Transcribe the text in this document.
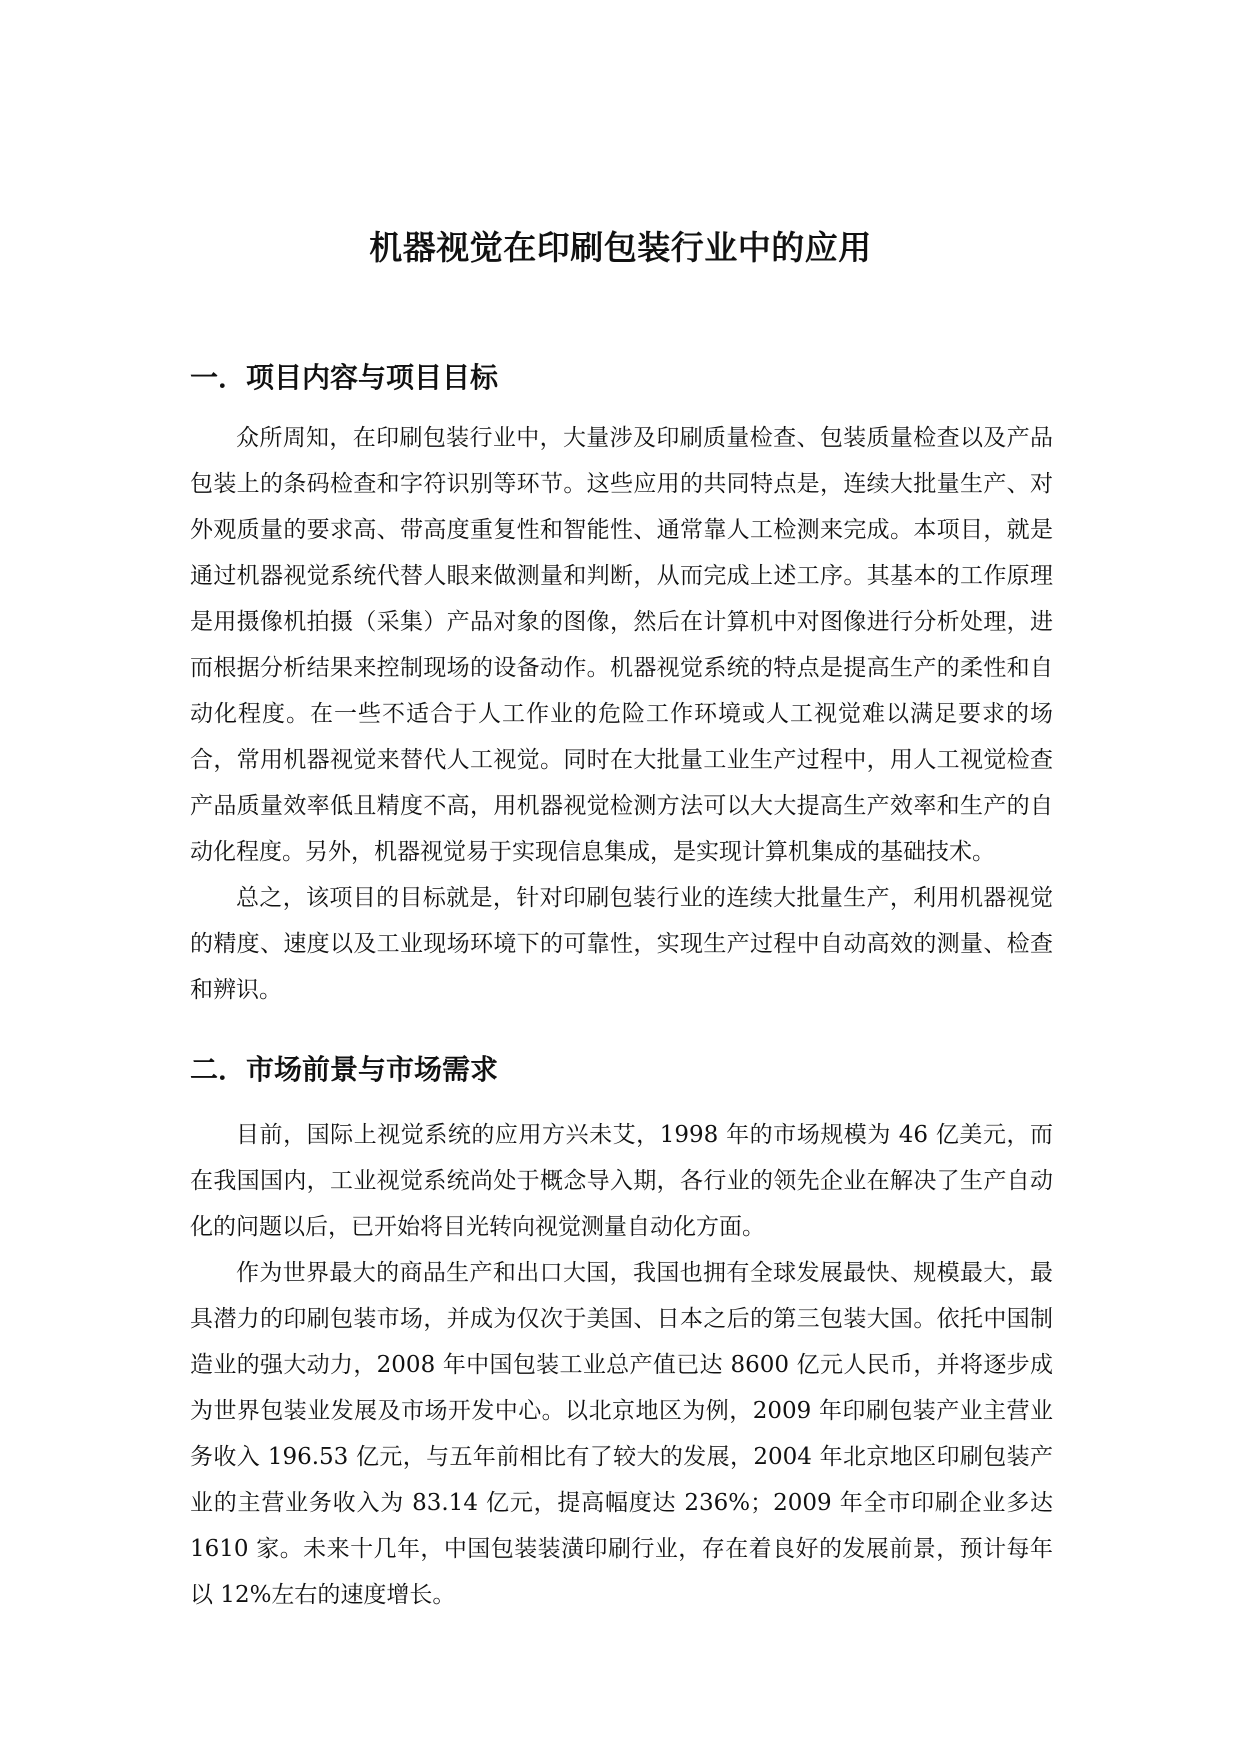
机器视觉在印刷包装行业中的应用
一．项目内容与项目目标

众所周知，在印刷包装行业中，大量涉及印刷质量检查、包装质量检查以及产品包装上的条码检查和字符识别等环节。这些应用的共同特点是，连续大批量生产、对外观质量的要求高、带高度重复性和智能性、通常靠人工检测来完成。本项目，就是通过机器视觉系统代替人眼来做测量和判断，从而完成上述工序。其基本的工作原理是用摄像机拍摄（采集）产品对象的图像，然后在计算机中对图像进行分析处理，进而根据分析结果来控制现场的设备动作。机器视觉系统的特点是提高生产的柔性和自动化程度。在一些不适合于人工作业的危险工作环境或人工视觉难以满足要求的场合，常用机器视觉来替代人工视觉。同时在大批量工业生产过程中，用人工视觉检查产品质量效率低且精度不高，用机器视觉检测方法可以大大提高生产效率和生产的自动化程度。另外，机器视觉易于实现信息集成，是实现计算机集成的基础技术。

总之，该项目的目标就是，针对印刷包装行业的连续大批量生产，利用机器视觉的精度、速度以及工业现场环境下的可靠性，实现生产过程中自动高效的测量、检查和辨识。

二．市场前景与市场需求

目前，国际上视觉系统的应用方兴未艾，1998 年的市场规模为 46 亿美元，而在我国国内，工业视觉系统尚处于概念导入期，各行业的领先企业在解决了生产自动化的问题以后，已开始将目光转向视觉测量自动化方面。

作为世界最大的商品生产和出口大国，我国也拥有全球发展最快、规模最大，最具潜力的印刷包装市场，并成为仅次于美国、日本之后的第三包装大国。依托中国制造业的强大动力，2008 年中国包装工业总产值已达 8600 亿元人民币，并将逐步成为世界包装业发展及市场开发中心。以北京地区为例，2009 年印刷包装产业主营业务收入 196.53 亿元，与五年前相比有了较大的发展，2004 年北京地区印刷包装产业的主营业务收入为 83.14 亿元，提高幅度达 236%；2009 年全市印刷企业多达 1610 家。未来十几年，中国包装装潢印刷行业，存在着良好的发展前景，预计每年以 12%左右的速度增长。
